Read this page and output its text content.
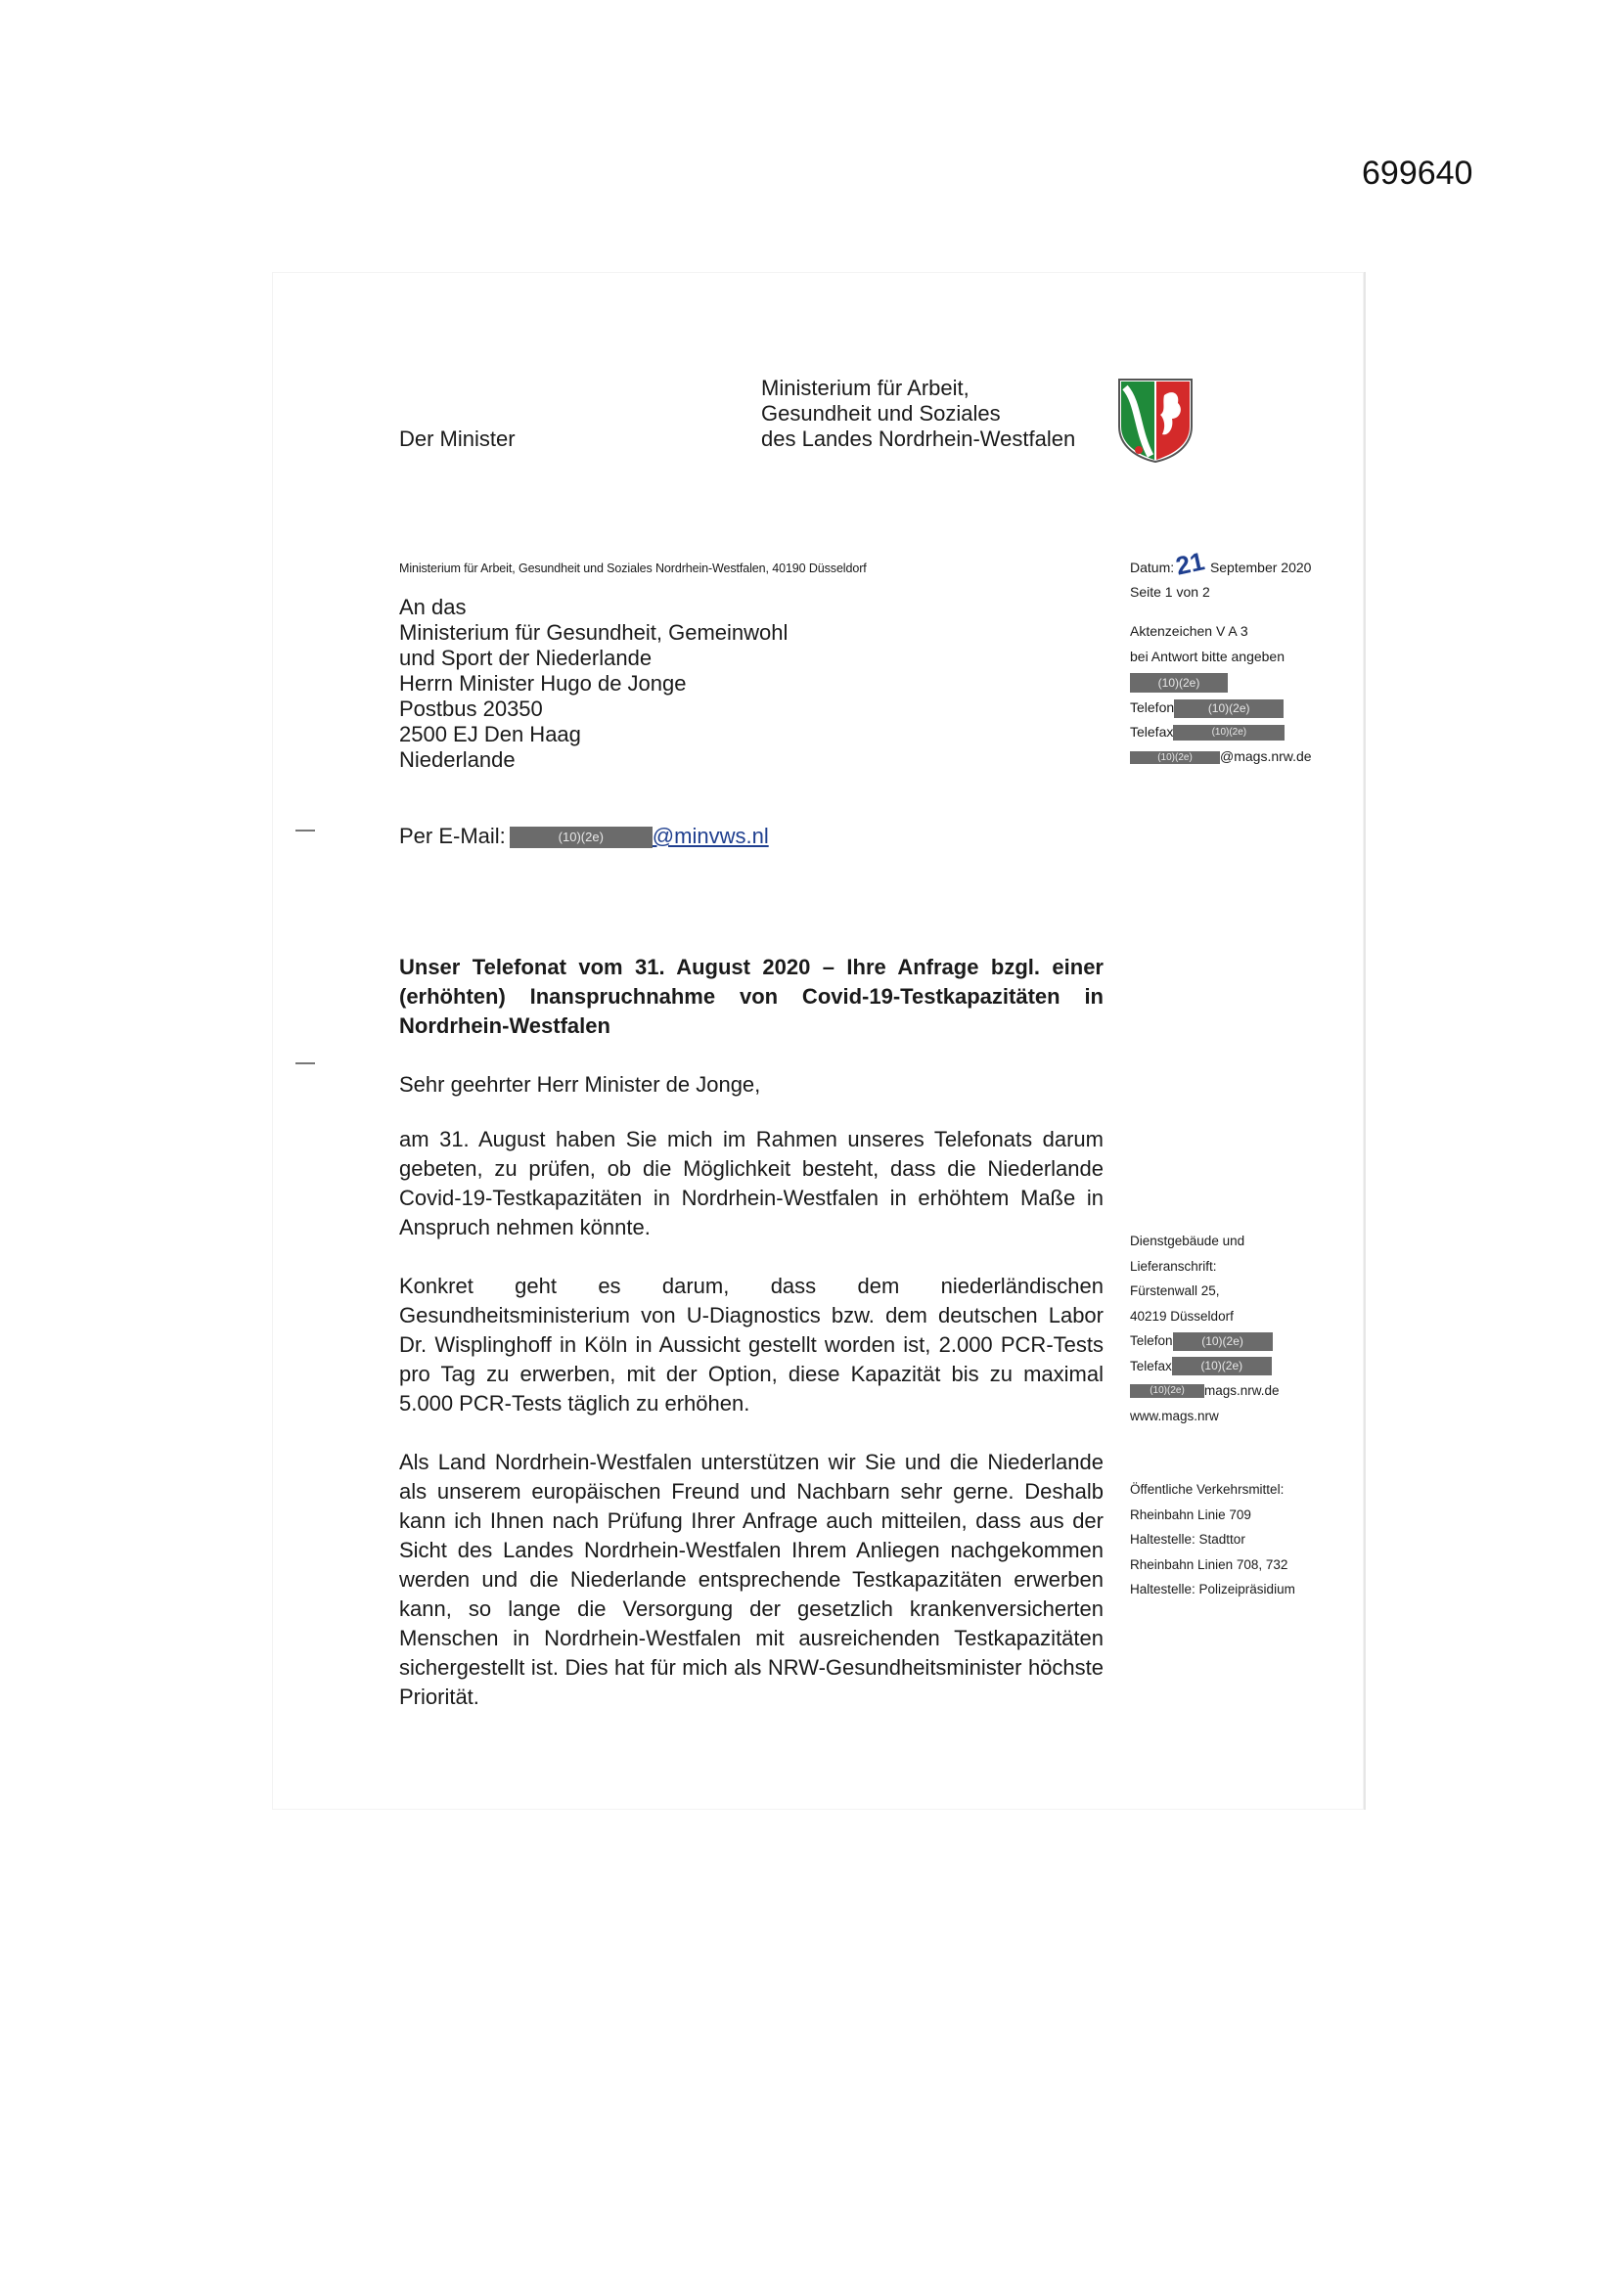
699640
Der Minister
Ministerium für Arbeit,
Gesundheit und Soziales
des Landes Nordrhein-Westfalen
Ministerium für Arbeit, Gesundheit und Soziales Nordrhein-Westfalen, 40190 Düsseldorf
An das
Ministerium für Gesundheit, Gemeinwohl
und Sport der Niederlande
Herrn Minister Hugo de Jonge
Postbus 20350
2500 EJ Den Haag
Niederlande
Datum:21 September 2020
Seite 1 von 2
Aktenzeichen V A 3
bei Antwort bitte angeben
(10)(2e)
Telefon	(10)(2e)
Telefax	(10)(2e)
(10)(2e) @mags.nrw.de
Per E-Mail:	(10)(2e) @minvws.nl
Unser Telefonat vom 31. August 2020 – Ihre Anfrage bzgl. einer (erhöhten) Inanspruchnahme von Covid-19-Testkapazitäten in Nordrhein-Westfalen
Sehr geehrter Herr Minister de Jonge,
am 31. August haben Sie mich im Rahmen unseres Telefonats darum gebeten, zu prüfen, ob die Möglichkeit besteht, dass die Niederlande Covid-19-Testkapazitäten in Nordrhein-Westfalen in erhöhtem Maße in Anspruch nehmen könnte.
Konkret geht es darum, dass dem niederländischen Gesundheitsministerium von U-Diagnostics bzw. dem deutschen Labor Dr. Wisplinghoff in Köln in Aussicht gestellt worden ist, 2.000 PCR-Tests pro Tag zu erwerben, mit der Option, diese Kapazität bis zu maximal 5.000 PCR-Tests täglich zu erhöhen.
Als Land Nordrhein-Westfalen unterstützen wir Sie und die Niederlande als unserem europäischen Freund und Nachbarn sehr gerne. Deshalb kann ich Ihnen nach Prüfung Ihrer Anfrage auch mitteilen, dass aus der Sicht des Landes Nordrhein-Westfalen Ihrem Anliegen nachgekommen werden und die Niederlande entsprechende Testkapazitäten erwerben kann, so lange die Versorgung der gesetzlich krankenversicherten Menschen in Nordrhein-Westfalen mit ausreichenden Testkapazitäten sichergestellt ist. Dies hat für mich als NRW-Gesundheitsminister höchste Priorität.
Dienstgebäude und
Lieferanschrift:
Fürstenwall 25,
40219 Düsseldorf
Telefon (10)(2e)
Telefax (10)(2e)
(10)(2e) mags.nrw.de
www.mags.nrw
Öffentliche Verkehrsmittel:
Rheinbahn Linie 709
Haltestelle: Stadttor
Rheinbahn Linien 708, 732
Haltestelle: Polizeipräsidium
